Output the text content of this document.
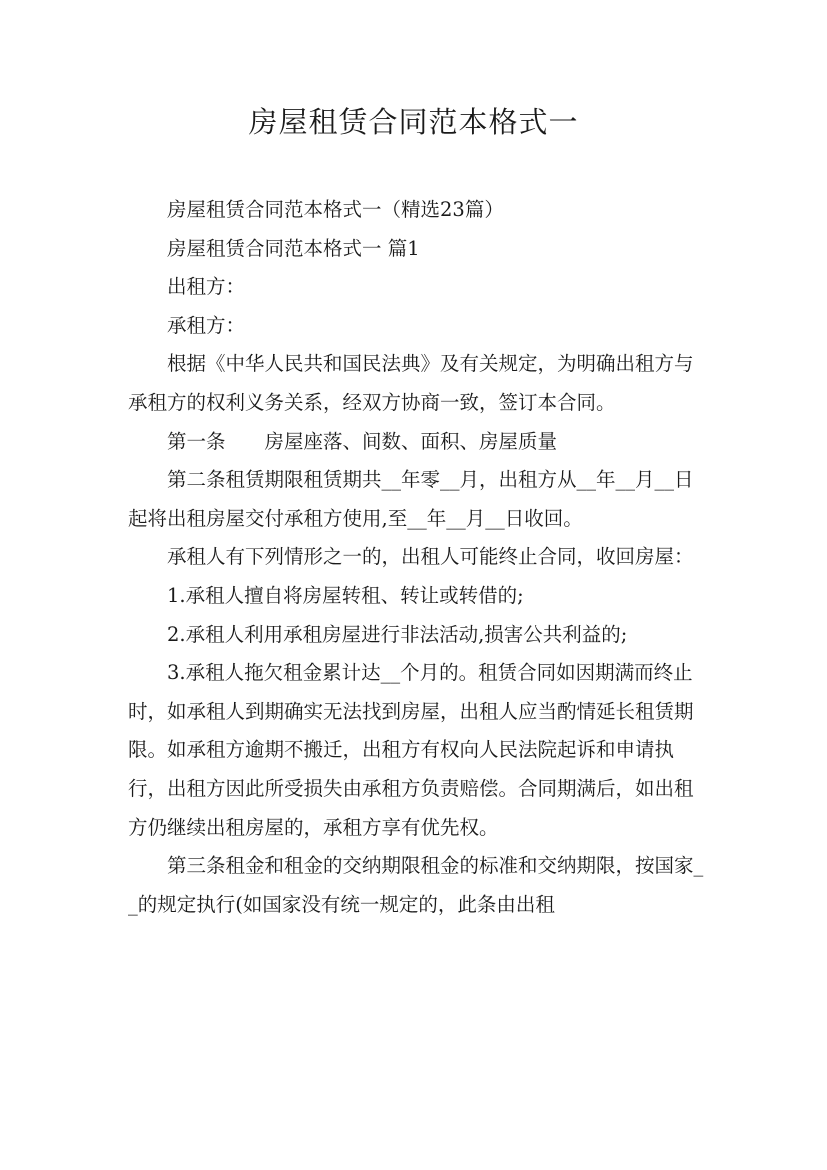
房屋租赁合同范本格式一

房屋租赁合同范本格式一（精选23篇）

房屋租赁合同范本格式一 篇1

出租方：

承租方：

根据《中华人民共和国民法典》及有关规定，为明确出租方与承租方的权利义务关系，经双方协商一致，签订本合同。

第一条　　房屋座落、间数、面积、房屋质量

第二条租赁期限租赁期共__年零__月，出租方从__年__月__日起将出租房屋交付承租方使用,至__年__月__日收回。

承租人有下列情形之一的，出租人可能终止合同，收回房屋：

1.承租人擅自将房屋转租、转让或转借的;

2.承租人利用承租房屋进行非法活动,损害公共利益的;

3.承租人拖欠租金累计达__个月的。租赁合同如因期满而终止时，如承租人到期确实无法找到房屋，出租人应当酌情延长租赁期限。如承租方逾期不搬迁，出租方有权向人民法院起诉和申请执行，出租方因此所受损失由承租方负责赔偿。合同期满后，如出租方仍继续出租房屋的，承租方享有优先权。

第三条租金和租金的交纳期限租金的标准和交纳期限，按国家__的规定执行(如国家没有统一规定的，此条由出租
